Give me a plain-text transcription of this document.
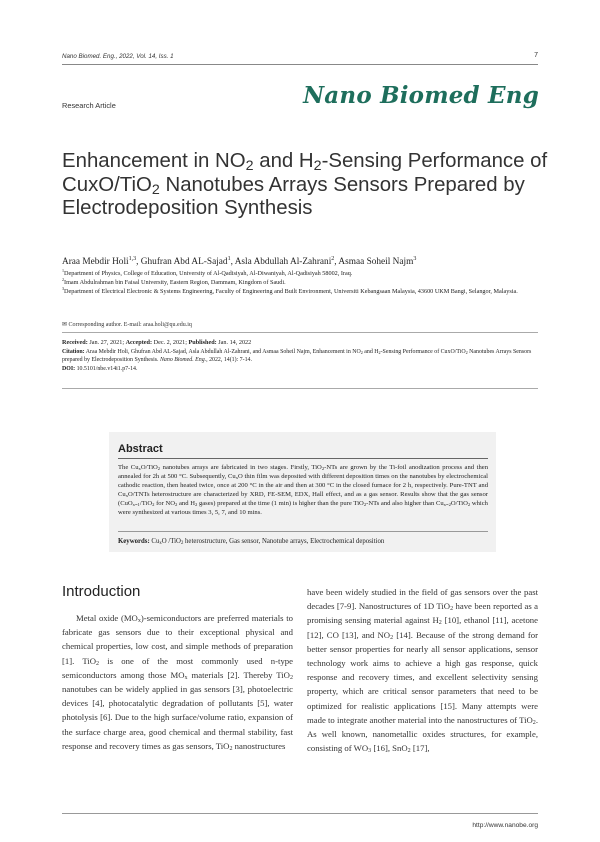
Nano Biomed. Eng., 2022, Vol. 14, Iss. 1	7
Research Article	Nano Biomed Eng
Enhancement in $NO_2$ and $H_2$-Sensing Performance of CuxO/TiO$_2$ Nanotubes Arrays Sensors Prepared by Electrodeposition Synthesis
Araa Mebdir Holi$^{1,3}$, Ghufran Abd AL-Sajad$^1$, Asla Abdullah Al-Zahrani$^2$, Asmaa Soheil Najm$^3$
$^1$Department of Physics, College of Education, University of Al-Qadisiyah, Al-Diwaniyah, Al-Qadisiyah 58002, Iraq.
$^2$Imam Abdulrahman bin Faisal University, Eastern Region, Dammam, Kingdom of Saudi.
$^3$Department of Electrical Electronic & Systems Engineering, Faculty of Engineering and Built Environment, Universiti Kebangsaan Malaysia, 43600 UKM Bangi, Selangor, Malaysia.
✉ Corresponding author. E-mail: araa.holi@qu.edu.iq
Received: Jan. 27, 2021; Accepted: Dec. 2, 2021; Published: Jan. 14, 2022
Citation: Araa Mebdir Holi, Ghufran Abd AL-Sajad, Asla Abdullah Al-Zahrani, and Asmaa Soheil Najm, Enhancement in $NO_2$ and $H_2$-Sensing Performance of CuxO/TiO$_2$ Nanotubes Arrays Sensors prepared by Electrodeposition Synthesis. Nano Biomed. Eng., 2022, 14(1): 7-14.
DOI: 10.5101/nbe.v14i1.p7-14.
Abstract
The $Cu_xO/TiO_2$ nanotubes arrays are fabricated in two stages. Firstly, TiO$_2$-NTs are grown by the Ti-foil anodization process and then annealed for 2h at 500 °C. Subsequently, $Cu_xO$ thin film was deposited with different deposition times on the nanotubes by electrochemical cathodic reaction, then heated twice, once at 200 °C in the air and then at 300 °C in the closed furnace for 2 h, respectively. Pure-TNT and $Cu_xO$/TNTs heterostructure are characterized by XRD, FE-SEM, EDX, Hall effect, and as a gas sensor. Results show that the gas sensor (CuO$_{x=1}$/TiO$_2$ for $NO_2$ and $H_2$ gases) prepared at the time (1 min) is higher than the pure TiO$_2$-NTs and also higher than $Cu_{x=2}O/TiO_2$ which were synthesized at various times 3, 5, 7, and 10 mins.
Keywords: $Cu_xO$ /TiO$_2$ heterostructure, Gas sensor, Nanotube arrays, Electrochemical deposition
Introduction
Metal oxide $(MO_x)$-semiconductors are preferred materials to fabricate gas sensors due to their exceptional physical and chemical properties, low cost, and simple methods of preparation [1]. TiO$_2$ is one of the most commonly used n-type semiconductors among those $MO_x$ materials [2]. Thereby TiO$_2$ nanotubes can be widely applied in gas sensors [3], photoelectric devices [4], photocatalytic degradation of pollutants [5], water photolysis [6]. Due to the high surface/volume ratio, expansion of the surface charge area, good chemical and thermal stability, fast response and recovery times as gas sensors, TiO$_2$ nanostructures
have been widely studied in the field of gas sensors over the past decades [7-9]. Nanostructures of 1D TiO$_2$ have been reported as a promising sensing material against $H_2$ [10], ethanol [11], acetone [12], CO [13], and $NO_2$ [14]. Because of the strong demand for better sensor properties for nearly all sensor applications, sensor technology work aims to achieve a high gas response, quick response and recovery times, and excellent selectivity sensing property, which are critical sensor parameters that need to be optimized for realistic applications [15]. Many attempts were made to integrate another material into the nanostructures of TiO$_2$. As well known, nanometallic oxides structures, for example, consisting of $WO_3$ [16], SnO$_2$ [17],
http://www.nanobe.org
